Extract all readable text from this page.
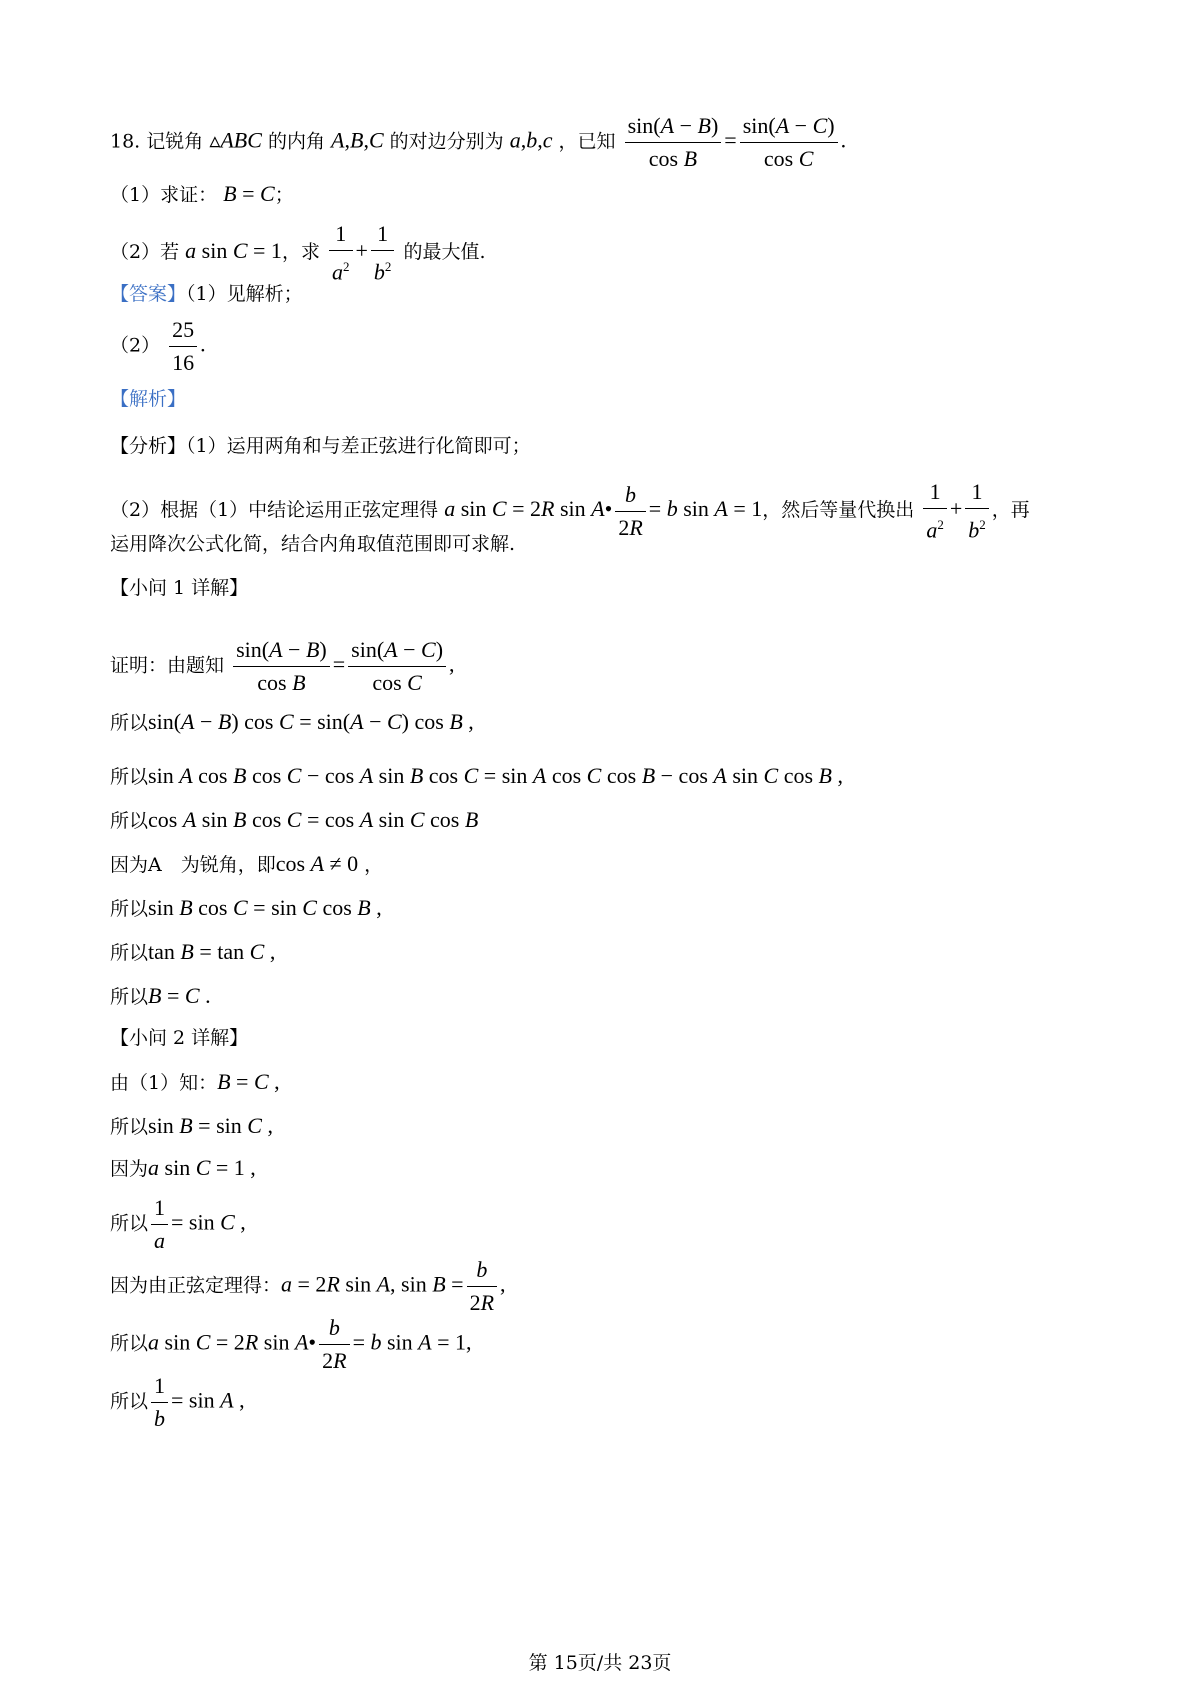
18. 记锐角 ▵ABC 的内角 A,B,C 的对边分别为 a,b,c ，已知 $\frac{\sin(A - B)}{\text{cos B}} = \frac{\sin(A - C)}{\text{cos C}}$ .
（1）求证： B = C；
（2）若 a sin C = 1，求 $\frac{1}{a^2} + \frac{1}{b^2}$ 的最大值.
【答案】（1）见解析；
$(2) \frac{25}{16}$ .
【解析】
【分析】（1）运用两角和与差正弦进行化简即可；
（2）根据（1）中结论运用正弦定理得 a sin C = 2R sin A• $\frac{b}{2R} = b$ sin A = 1，然后等量代换出 $\frac{1}{a^2} + \frac{1}{b^2}$ ，再
运用降次公式化简，结合内角取值范围即可求解.
【小问 1 详解】
证明：由题知 $\frac{\sin(A - B)}{\text{cos B}} = \frac{\sin(A - C)}{\text{cos C}}$ ,
所以sin(A − B) cos C = sin(A − C) cos B ,
所以sin A cos B cos C − cos A sin B cos C = sin A cos C cos B − cos A sin C cos B ,
所以cos A sin B cos C = cos A sin C cos B
因为A　为锐角，即cos A ≠ 0 ，
所以sin B cos C = sin C cos B ,
所以tan B = tan C ,
所以B = C .
【小问 2 详解】
由（1）知：B = C ,
所以sin B = sin C ,
因为a sin C = 1 ,
所以 $\frac{1}{a} = \sin C$ ,
因为由正弦定理得：a = 2R sin A, $\sin B = \frac{b}{2R}$ ,
所以a sin C = 2R sin A• $\frac{b}{2R} = b$ sin A = 1,
所以 $\frac{1}{b} = \sin A$ ,
第 15页/共 23页
